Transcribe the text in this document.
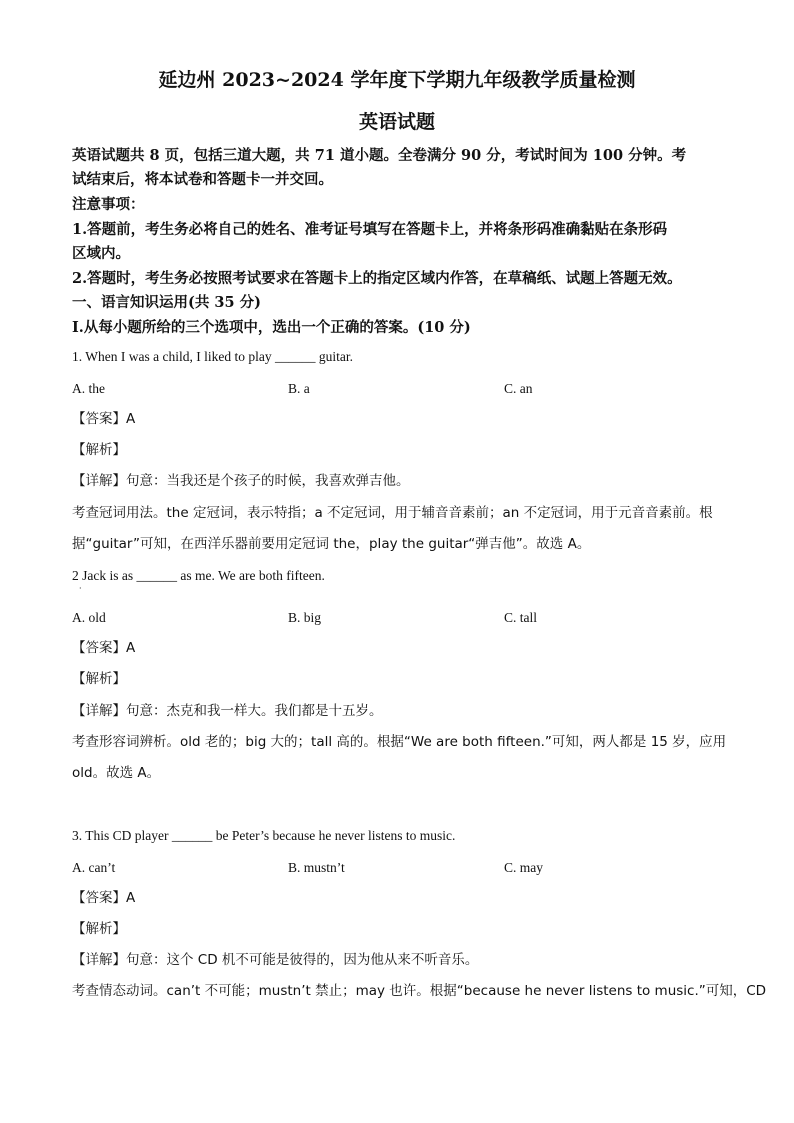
延边州 2023~2024 学年度下学期九年级教学质量检测
英语试题
英语试题共 8 页，包括三道大题，共 71 道小题。全卷满分 90 分，考试时间为 100 分钟。考
试结束后，将本试卷和答题卡一并交回。
注意事项：
1.答题前，考生务必将自己的姓名、准考证号填写在答题卡上，并将条形码准确黏贴在条形码
区域内。
2.答题时，考生务必按照考试要求在答题卡上的指定区域内作答，在草稿纸、试题上答题无效。
一、语言知识运用(共 35 分)
Ⅰ.从每小题所给的三个选项中，选出一个正确的答案。(10 分)
1. When I was a child, I liked to play ______ guitar.
A. the	B. a	C. an
【答案】A
【解析】
【详解】句意：当我还是个孩子的时候，我喜欢弹吉他。
考查冠词用法。the 定冠词，表示特指；a 不定冠词，用于辅音音素前；an 不定冠词，用于元音音素前。根
据“guitar”可知，在西洋乐器前要用定冠词 the，play the guitar“弹吉他”。故选 A。
2 Jack is as ______ as me. We are both fifteen.
·
A. old	B. big	C. tall
【答案】A
【解析】
【详解】句意：杰克和我一样大。我们都是十五岁。
考查形容词辨析。old 老的；big 大的；tall 高的。根据“We are both fifteen.”可知，两人都是 15 岁，应用
old。故选 A。
3. This CD player ______ be Peter’s because he never listens to music.
A. can’t	B. mustn’t	C. may
【答案】A
【解析】
【详解】句意：这个 CD 机不可能是彼得的，因为他从来不听音乐。
考查情态动词。can’t 不可能；mustn’t 禁止；may 也许。根据“because he never listens to music.”可知，CD
